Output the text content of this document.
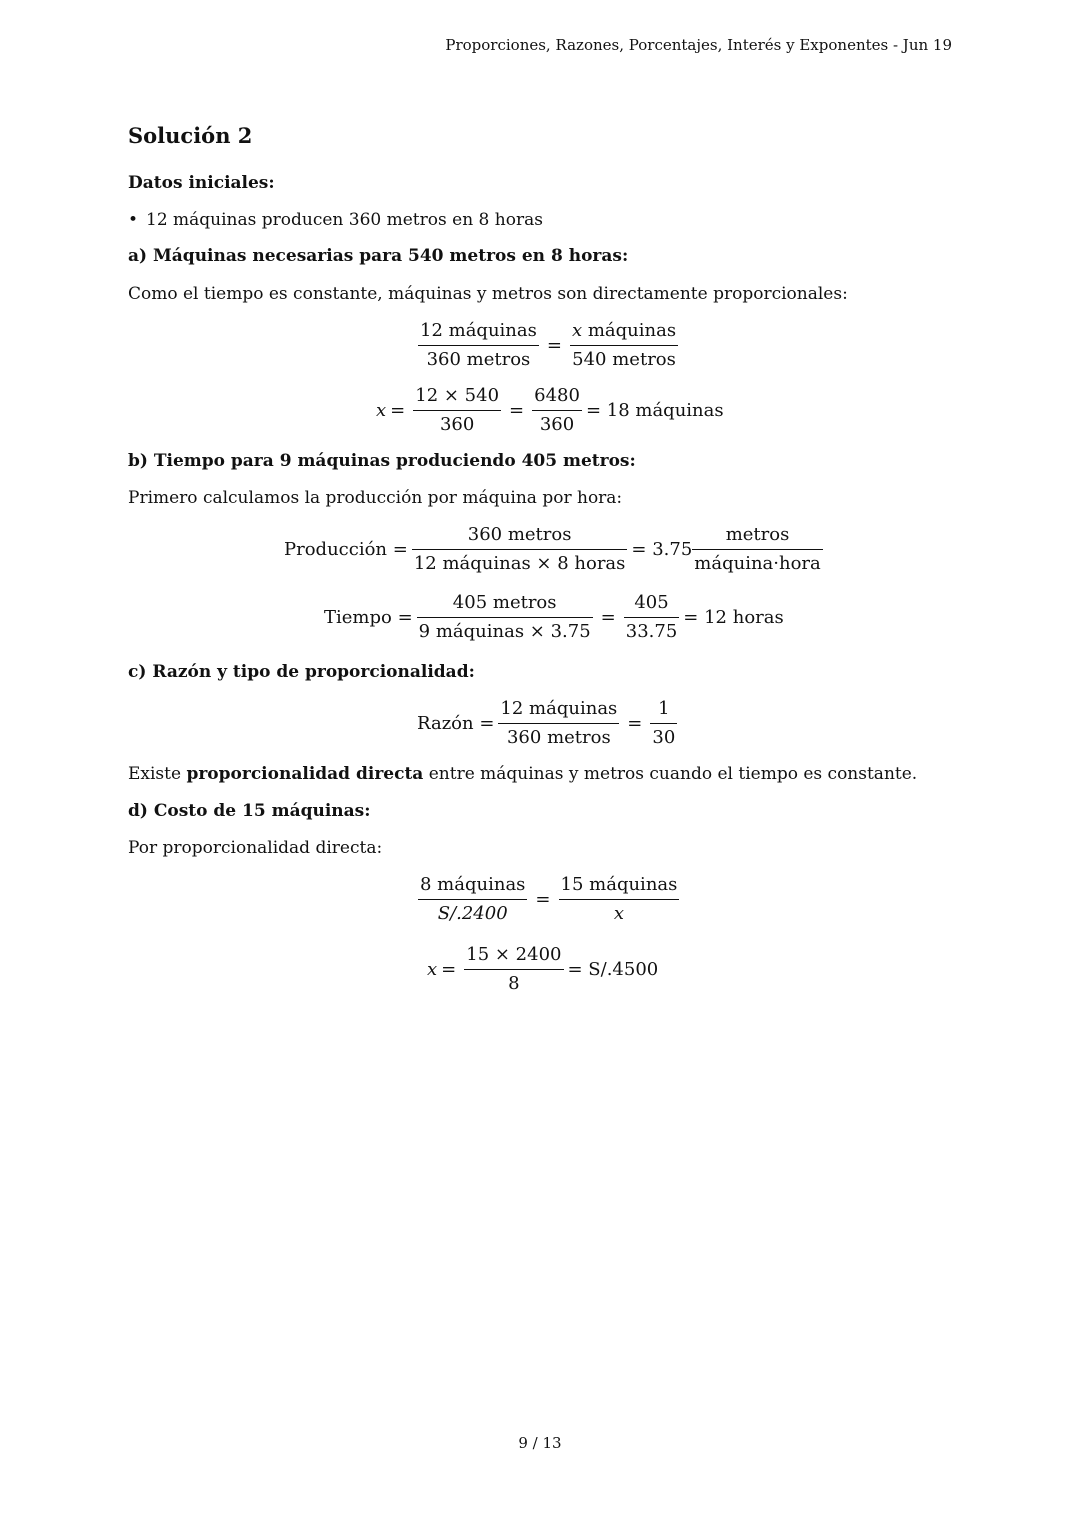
Proporciones, Razones, Porcentajes, Interés y Exponentes - Jun 19
Solución 2
Datos iniciales:
• 12 máquinas producen 360 metros en 8 horas
a) Máquinas necesarias para 540 metros en 8 horas:
Como el tiempo es constante, máquinas y metros son directamente proporcionales:
$\frac{\text{12 máquinas}}{\text{360 metros}} = \frac{\text{x máquinas}}{\text{540 metros}}$
$x = \frac{12 \times 540}{360} = \frac{6480}{360} = 18$ máquinas
b) Tiempo para 9 máquinas produciendo 405 metros:
Primero calculamos la producción por máquina por hora:
Producción = $\frac{\text{360 metros}}{\text{12 máquinas × 8 horas}} = 3.75 \frac{\text{metros}}{\text{máquina·hora}}$
Tiempo = $\frac{\text{405 metros}}{\text{9 máquinas × 3.75}} = \frac{405}{33.75} = 12$ horas
c) Razón y tipo de proporcionalidad:
Razón = $\frac{\text{12 máquinas}}{\text{360 metros}} = \frac{1}{30}$
Existe proporcionalidad directa entre máquinas y metros cuando el tiempo es constante.
d) Costo de 15 máquinas:
Por proporcionalidad directa:
$\frac{\text{8 máquinas}}{S/.2400} = \frac{\text{15 máquinas}}{x}$
$x = \frac{15 \times 2400}{8} = S/.4500$
9 / 13
